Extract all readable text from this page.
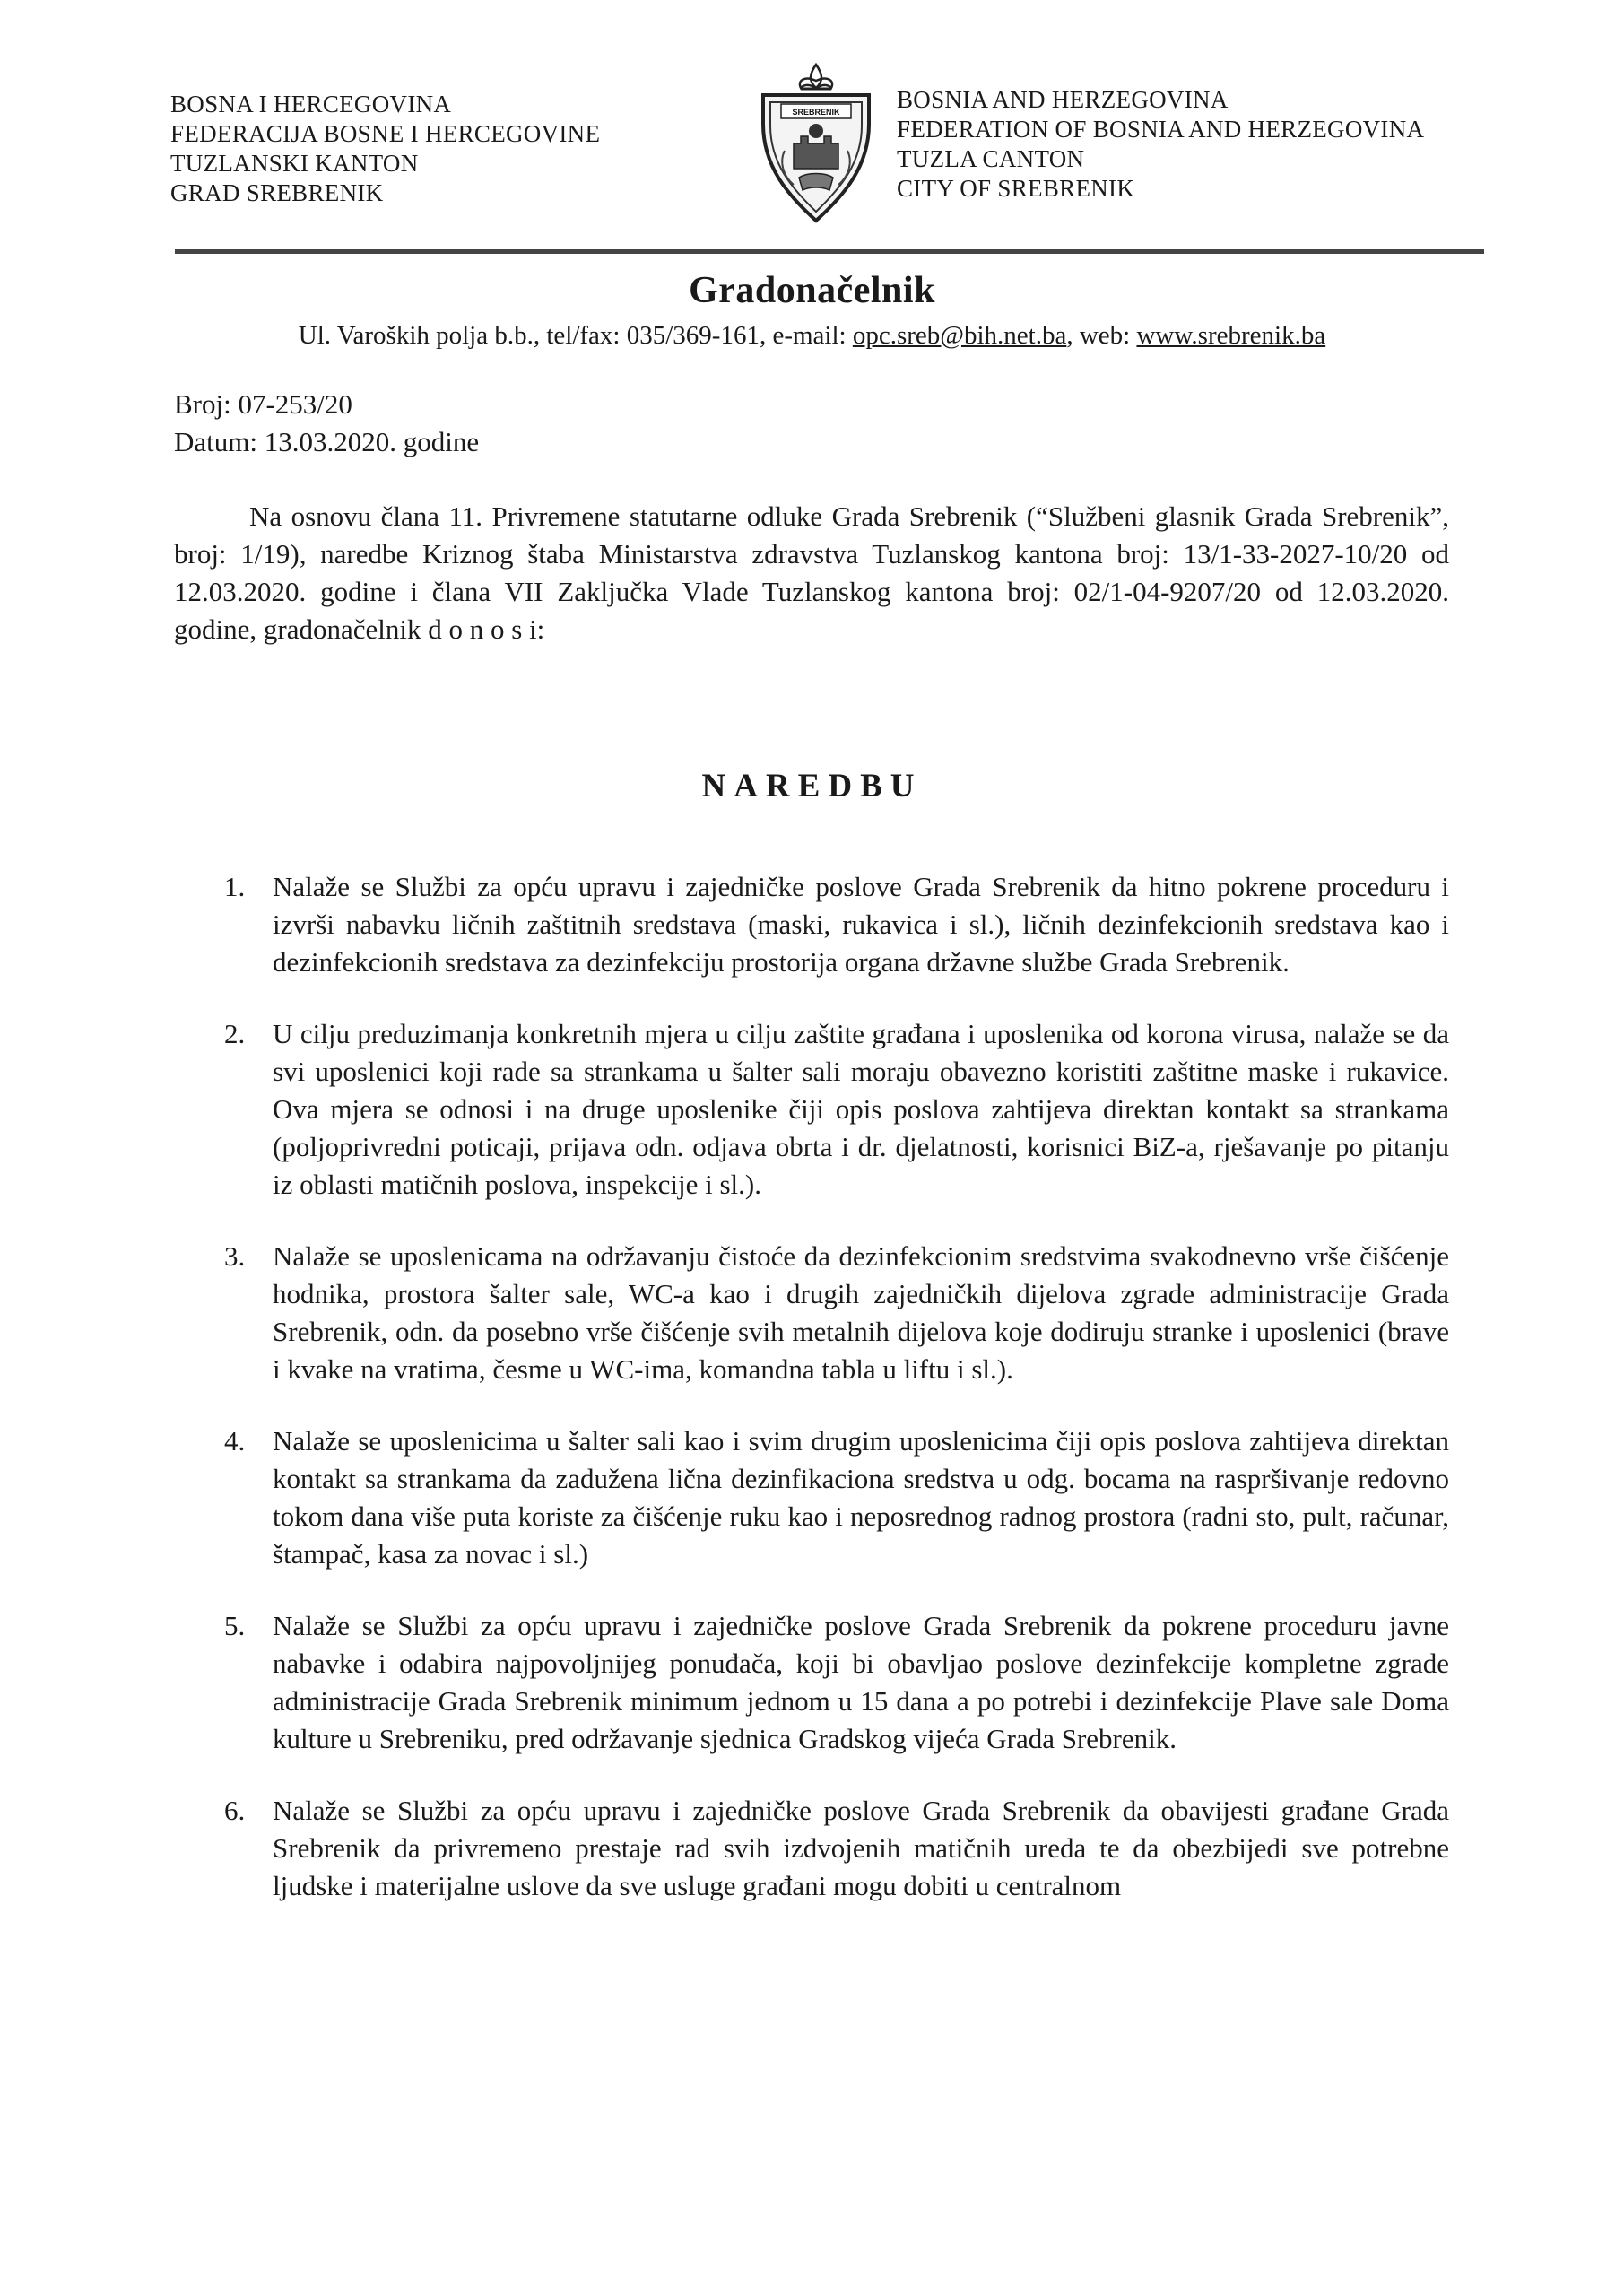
BOSNA I HERCEGOVINA
FEDERACIJA BOSNE I HERCEGOVINE
TUZLANSKI KANTON
GRAD SREBRENIK
SREBRENIK BOSNIA AND HERZEGOVINA
FEDERATION OF BOSNIA AND HERZEGOVINA
TUZLA CANTON
CITY OF SREBRENIK
Gradonačelnik
Ul. Varoških polja b.b., tel/fax: 035/369-161, e-mail: opc.sreb@bih.net.ba, web: www.srebrenik.ba
Broj: 07-253/20
Datum: 13.03.2020. godine
Na osnovu člana 11. Privremene statutarne odluke Grada Srebrenik (“Službeni glasnik Grada Srebrenik”, broj: 1/19), naredbe Kriznog štaba Ministarstva zdravstva Tuzlanskog kantona broj: 13/1-33-2027-10/20 od 12.03.2020. godine i člana VII Zaključka Vlade Tuzlanskog kantona broj: 02/1-04-9207/20 od 12.03.2020. godine, gradonačelnik d o n o s i:
NAREDBU
1. Nalaže se Službi za opću upravu i zajedničke poslove Grada Srebrenik da hitno pokrene proceduru i izvrši nabavku ličnih zaštitnih sredstava (maski, rukavica i sl.), ličnih dezinfekcionih sredstava kao i dezinfekcionih sredstava za dezinfekciju prostorija organa državne službe Grada Srebrenik.
2. U cilju preduzimanja konkretnih mjera u cilju zaštite građana i uposlenika od korona virusa, nalaže se da svi uposlenici koji rade sa strankama u šalter sali moraju obavezno koristiti zaštitne maske i rukavice. Ova mjera se odnosi i na druge uposlenike čiji opis poslova zahtijeva direktan kontakt sa strankama (poljoprivredni poticaji, prijava odn. odjava obrta i dr. djelatnosti, korisnici BiZ-a, rješavanje po pitanju iz oblasti matičnih poslova, inspekcije i sl.).
3. Nalaže se uposlenicama na održavanju čistoće da dezinfekcionim sredstvima svakodnevno vrše čišćenje hodnika, prostora šalter sale, WC-a kao i drugih zajedničkih dijelova zgrade administracije Grada Srebrenik, odn. da posebno vrše čišćenje svih metalnih dijelova koje dodiruju stranke i uposlenici (brave i kvake na vratima, česme u WC-ima, komandna tabla u liftu i sl.).
4. Nalaže se uposlenicima u šalter sali kao i svim drugim uposlenicima čiji opis poslova zahtijeva direktan kontakt sa strankama da zadužena lična dezinfikaciona sredstva u odg. bocama na raspršivanje redovno tokom dana više puta koriste za čišćenje ruku kao i neposrednog radnog prostora (radni sto, pult, računar, štampač, kasa za novac i sl.)
5. Nalaže se Službi za opću upravu i zajedničke poslove Grada Srebrenik da pokrene proceduru javne nabavke i odabira najpovoljnijeg ponuđača, koji bi obavljao poslove dezinfekcije kompletne zgrade administracije Grada Srebrenik minimum jednom u 15 dana a po potrebi i dezinfekcije Plave sale Doma kulture u Srebreniku, pred održavanje sjednica Gradskog vijeća Grada Srebrenik.
6. Nalaže se Službi za opću upravu i zajedničke poslove Grada Srebrenik da obavijesti građane Grada Srebrenik da privremeno prestaje rad svih izdvojenih matičnih ureda te da obezbijedi sve potrebne ljudske i materijalne uslove da sve usluge građani mogu dobiti u centralnom
